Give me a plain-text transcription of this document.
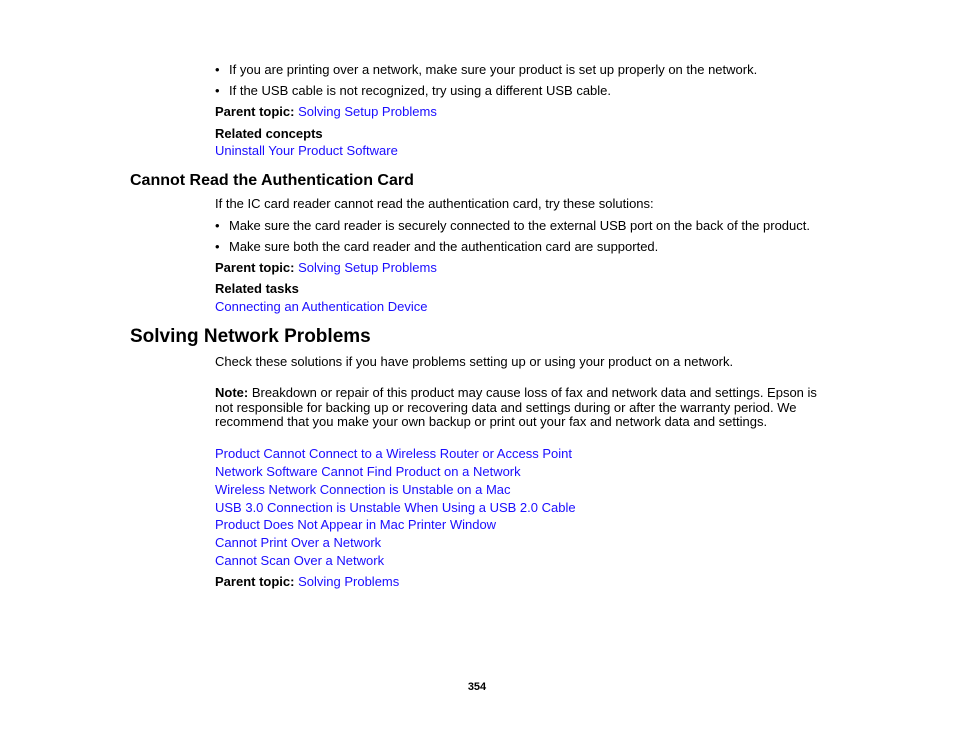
• If you are printing over a network, make sure your product is set up properly on the network.
• If the USB cable is not recognized, try using a different USB cable.
Parent topic: Solving Setup Problems
Related concepts
Uninstall Your Product Software
Cannot Read the Authentication Card
If the IC card reader cannot read the authentication card, try these solutions:
• Make sure the card reader is securely connected to the external USB port on the back of the product.
• Make sure both the card reader and the authentication card are supported.
Parent topic: Solving Setup Problems
Related tasks
Connecting an Authentication Device
Solving Network Problems
Check these solutions if you have problems setting up or using your product on a network.
Note: Breakdown or repair of this product may cause loss of fax and network data and settings. Epson is not responsible for backing up or recovering data and settings during or after the warranty period. We recommend that you make your own backup or print out your fax and network data and settings.
Product Cannot Connect to a Wireless Router or Access Point
Network Software Cannot Find Product on a Network
Wireless Network Connection is Unstable on a Mac
USB 3.0 Connection is Unstable When Using a USB 2.0 Cable
Product Does Not Appear in Mac Printer Window
Cannot Print Over a Network
Cannot Scan Over a Network
Parent topic: Solving Problems
354
